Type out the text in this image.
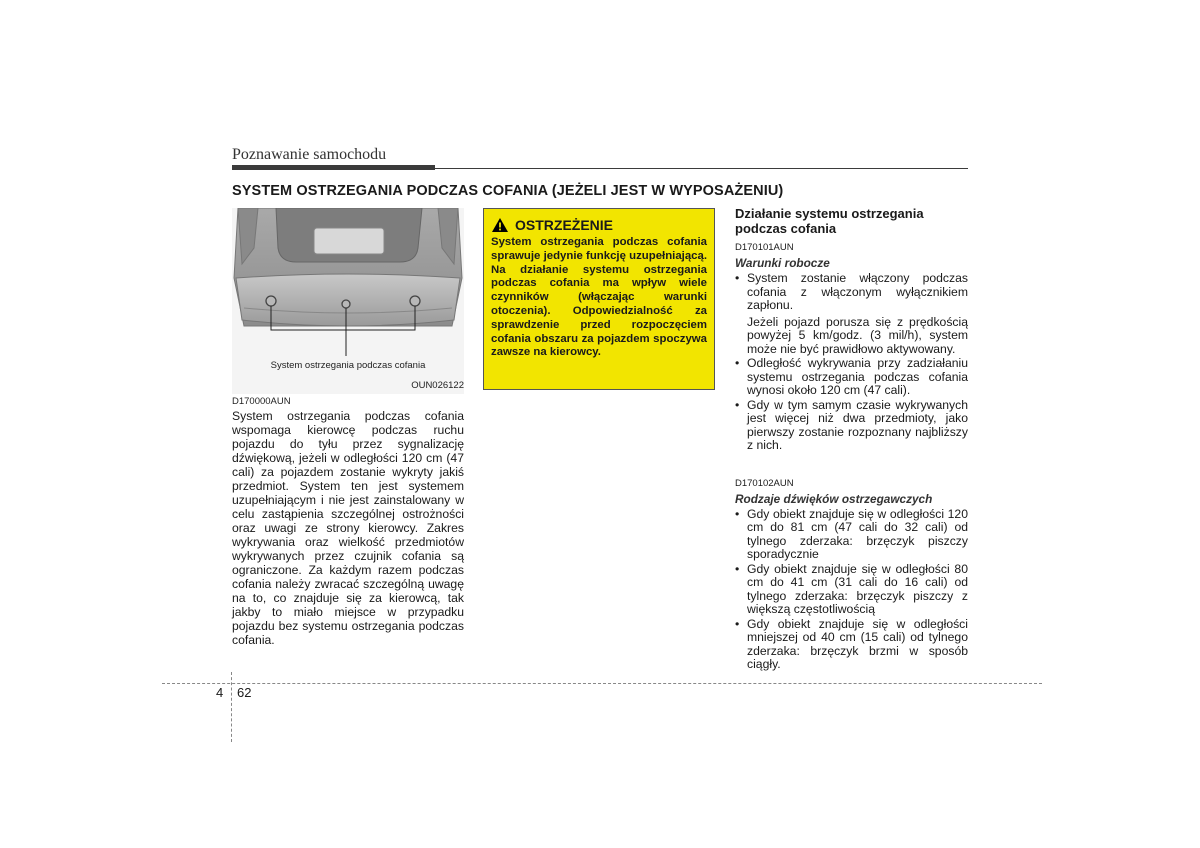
Poznawanie samochodu
SYSTEM OSTRZEGANIA PODCZAS COFANIA (JEŻELI JEST W WYPOSAŻENIU)
System ostrzegania podczas cofania
OUN026122
D170000AUN
System ostrzegania podczas cofania wspomaga kierowcę podczas ruchu pojazdu do tyłu przez sygnalizację dźwiękową, jeżeli w odległości 120 cm (47 cali) za pojazdem zostanie wykryty jakiś przedmiot. System ten jest systemem uzupełniającym i nie jest zainstalowany w celu zastąpienia szczególnej ostrożności oraz uwagi ze strony kierowcy. Zakres wykrywania oraz wielkość przedmiotów wykrywanych przez czujnik cofania są ograniczone. Za każdym razem podczas cofania należy zwracać szczególną uwagę na to, co znajduje się za kierowcą, tak jakby to miało miejsce w przypadku pojazdu bez systemu ostrzegania podczas cofania.
OSTRZEŻENIE
System ostrzegania podczas cofania sprawuje jedynie funkcję uzupełniającą. Na działanie systemu ostrzegania podczas cofania ma wpływ wiele czynników (włączając warunki otoczenia). Odpowiedzialność za sprawdzenie przed rozpoczęciem cofania obszaru za pojazdem spoczywa zawsze na kierowcy.
Działanie systemu ostrzegania podczas cofania
D170101AUN
Warunki robocze
• System zostanie włączony podczas cofania z włączonym wyłącznikiem zapłonu.
Jeżeli pojazd porusza się z prędkością powyżej 5 km/godz. (3 mil/h), system może nie być prawidłowo aktywowany.
• Odległość wykrywania przy zadziałaniu systemu ostrzegania podczas cofania wynosi około 120 cm (47 cali).
• Gdy w tym samym czasie wykrywanych jest więcej niż dwa przedmioty, jako pierwszy zostanie rozpoznany najbliższy z nich.
D170102AUN
Rodzaje dźwięków ostrzegawczych
• Gdy obiekt znajduje się w odległości 120 cm do 81 cm (47 cali do 32 cali) od tylnego zderzaka: brzęczyk piszczy sporadycznie
• Gdy obiekt znajduje się w odległości 80 cm do 41 cm (31 cali do 16 cali) od tylnego zderzaka: brzęczyk piszczy z większą częstotliwością
• Gdy obiekt znajduje się w odległości mniejszej od 40 cm (15 cali) od tylnego zderzaka: brzęczyk brzmi w sposób ciągły.
4 62
